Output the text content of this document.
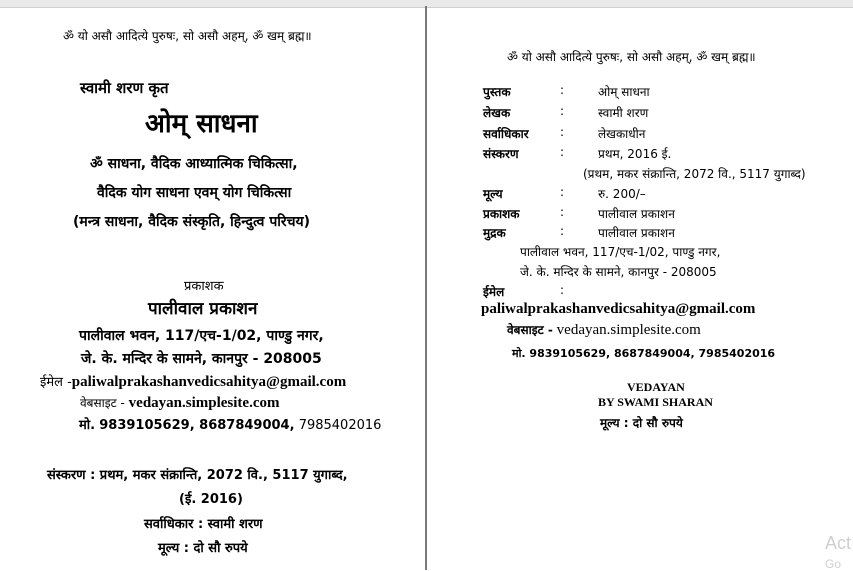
ॐ यो असौ आदित्ये पुरुषः, सो असौ अहम्, ॐ खम् ब्रह्म॥
स्वामी शरण कृत
ओम् साधना
ॐ साधना, वैदिक आध्यात्मिक चिकित्सा,
वैदिक योग साधना एवम् योग चिकित्सा
(मन्त्र साधना, वैदिक संस्कृति, हिन्दुत्व परिचय)
प्रकाशक
पालीवाल प्रकाशन
पालीवाल भवन, 117/एच-1/02, पाण्डु नगर,
जे. के. मन्दिर के सामने, कानपुर - 208005
ईमेल -paliwalprakashanvedicsahitya@gmail.com
वेबसाइट - vedayan.simplesite.com
मो. 9839105629, 8687849004, 7985402016
संस्करण : प्रथम, मकर संक्रान्ति, 2072 वि., 5117 युगाब्द,
(ई. 2016)
सर्वाधिकार : स्वामी शरण
मूल्य : दो सौ रुपये
ॐ यो असौ आदित्ये पुरुषः, सो असौ अहम्, ॐ खम् ब्रह्म॥
पुस्तक	:	ओम् साधना
लेखक	:	स्वामी शरण
सर्वाधिकार	:	लेखकाधीन
संस्करण	:	प्रथम, 2016 ई.
(प्रथम, मकर संक्रान्ति, 2072 वि., 5117 युगाब्द)
मूल्य	:	रु. 200/–
प्रकाशक	:	पालीवाल प्रकाशन
मुद्रक	:	पालीवाल प्रकाशन
पालीवाल भवन, 117/एच-1/02, पाण्डु नगर,
जे. के. मन्दिर के सामने, कानपुर - 208005
ईमेल	:
paliwalprakashanvedicsahitya@gmail.com
वेबसाइट - vedayan.simplesite.com
मो. 9839105629, 8687849004, 7985402016
VEDAYAN
BY SWAMI SHARAN
मूल्य : दो सौ रुपये
Act
Go
